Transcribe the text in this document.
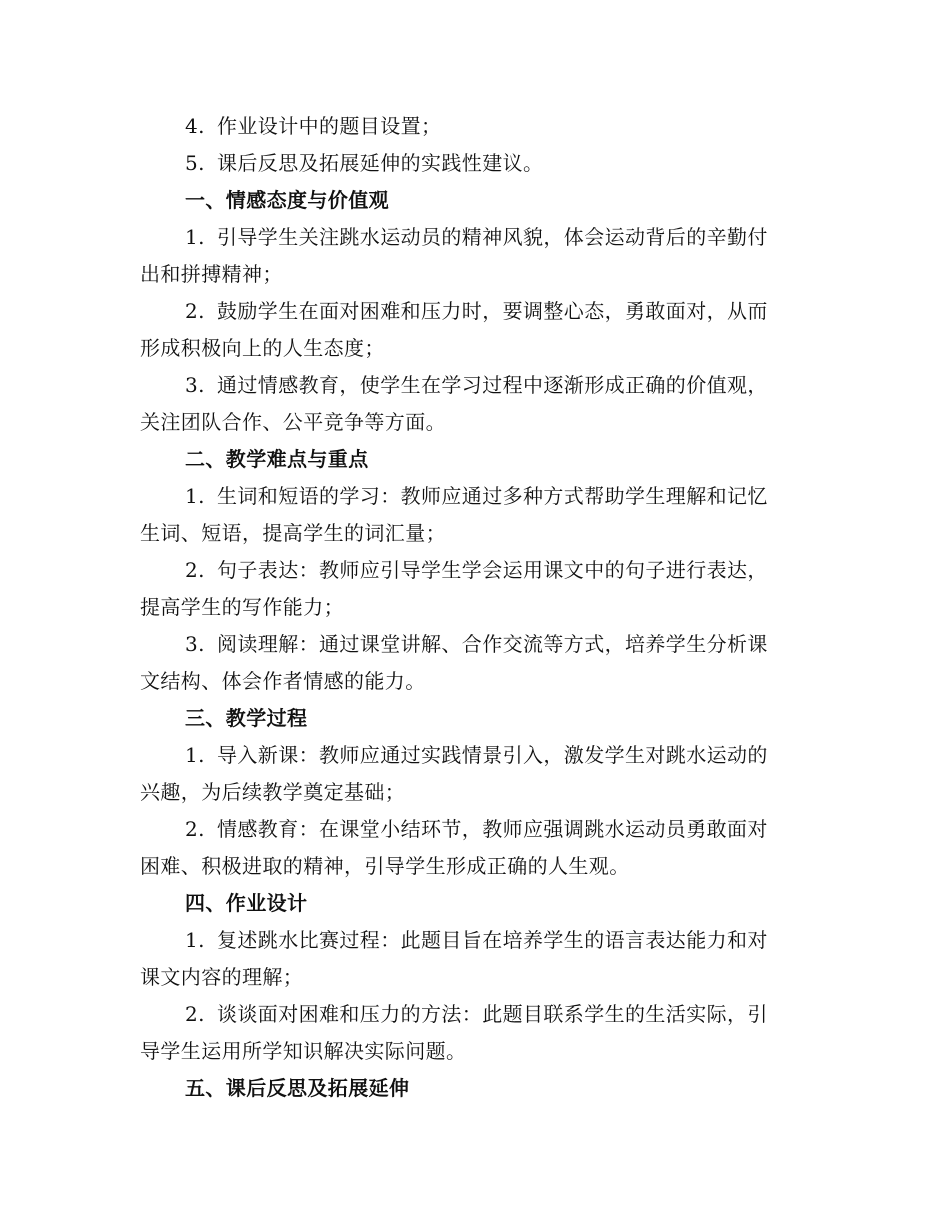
4. 作业设计中的题目设置；
5. 课后反思及拓展延伸的实践性建议。
一、情感态度与价值观
1. 引导学生关注跳水运动员的精神风貌，体会运动背后的辛勤付
出和拼搏精神；
2. 鼓励学生在面对困难和压力时，要调整心态，勇敢面对，从而
形成积极向上的人生态度；
3. 通过情感教育，使学生在学习过程中逐渐形成正确的价值观，
关注团队合作、公平竞争等方面。
二、教学难点与重点
1. 生词和短语的学习：教师应通过多种方式帮助学生理解和记忆
生词、短语，提高学生的词汇量；
2. 句子表达：教师应引导学生学会运用课文中的句子进行表达，
提高学生的写作能力；
3. 阅读理解：通过课堂讲解、合作交流等方式，培养学生分析课
文结构、体会作者情感的能力。
三、教学过程
1. 导入新课：教师应通过实践情景引入，激发学生对跳水运动的
兴趣，为后续教学奠定基础；
2. 情感教育：在课堂小结环节，教师应强调跳水运动员勇敢面对
困难、积极进取的精神，引导学生形成正确的人生观。
四、作业设计
1. 复述跳水比赛过程：此题目旨在培养学生的语言表达能力和对
课文内容的理解；
2. 谈谈面对困难和压力的方法：此题目联系学生的生活实际，引
导学生运用所学知识解决实际问题。
五、课后反思及拓展延伸
